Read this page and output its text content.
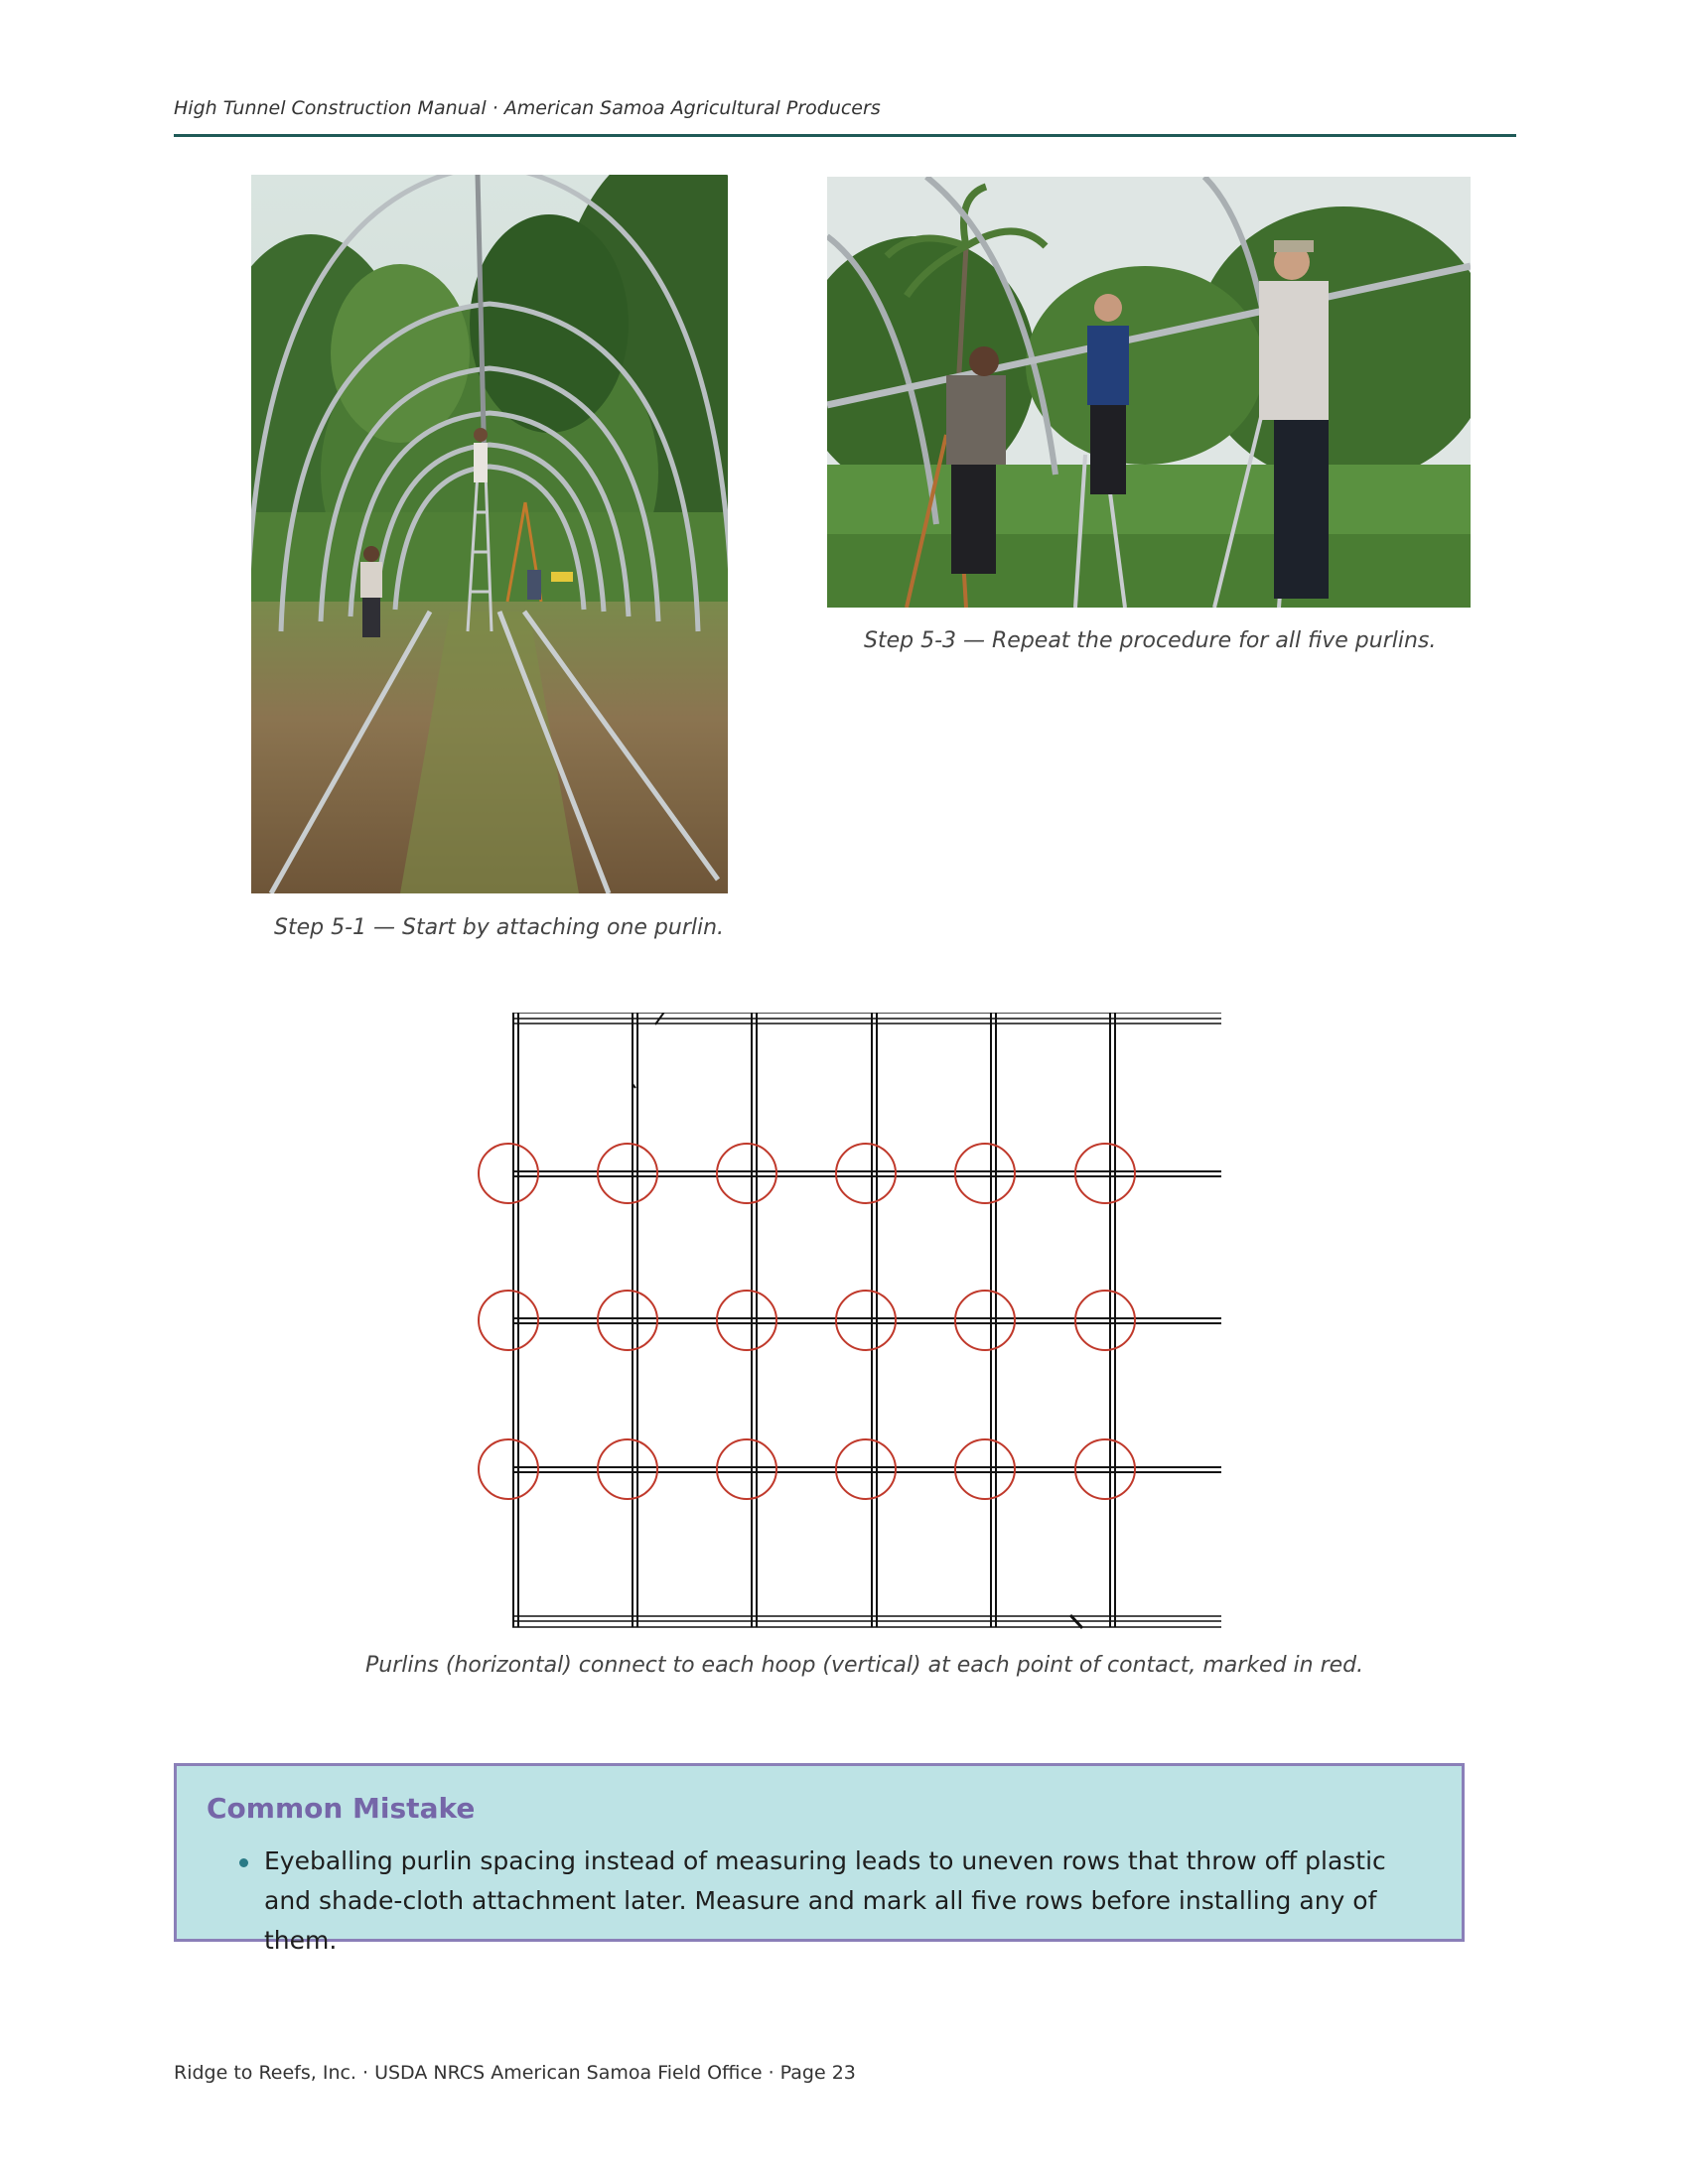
High Tunnel Construction Manual · American Samoa Agricultural Producers
Step 5-1 — Start by attaching one purlin.
Step 5-3 — Repeat the procedure for all five purlins.
Purlins (horizontal) connect to each hoop (vertical) at each point of contact, marked in red.
Common Mistake
Eyeballing purlin spacing instead of measuring leads to uneven rows that throw off plastic and shade-cloth attachment later. Measure and mark all five rows before installing any of them.
Ridge to Reefs, Inc. · USDA NRCS American Samoa Field Office · Page 23
